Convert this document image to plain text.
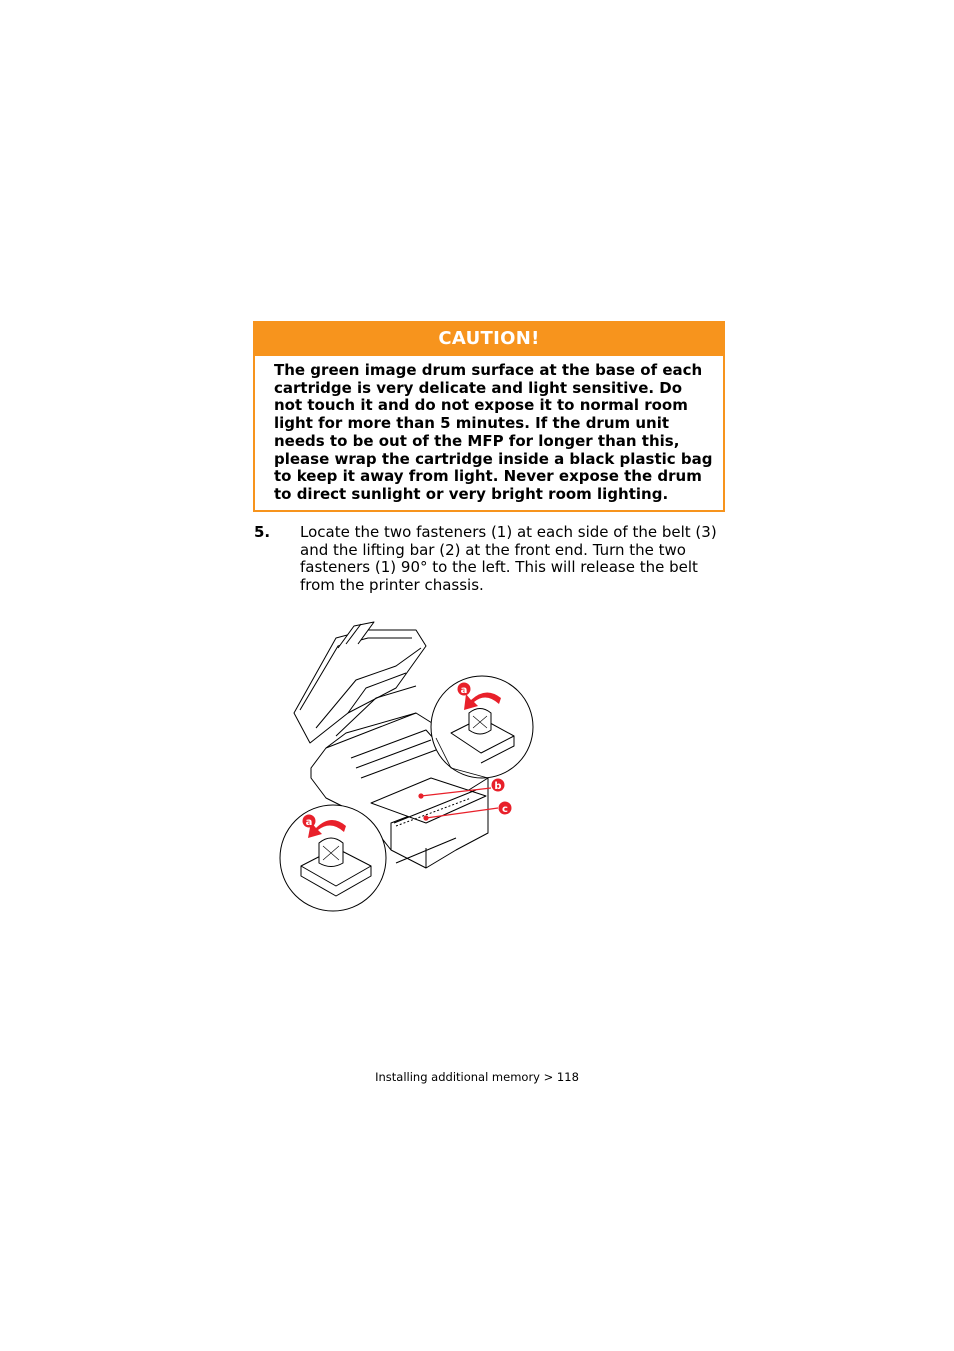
CAUTION!

The green image drum surface at the base of each cartridge is very delicate and light sensitive. Do not touch it and do not expose it to normal room light for more than 5 minutes. If the drum unit needs to be out of the MFP for longer than this, please wrap the cartridge inside a black plastic bag to keep it away from light. Never expose the drum to direct sunlight or very bright room lighting.

5. Locate the two fasteners (1) at each side of the belt (3) and the lifting bar (2) at the front end. Turn the two fasteners (1) 90° to the left. This will release the belt from the printer chassis.

a
b
c
a
Installing additional memory > 118
